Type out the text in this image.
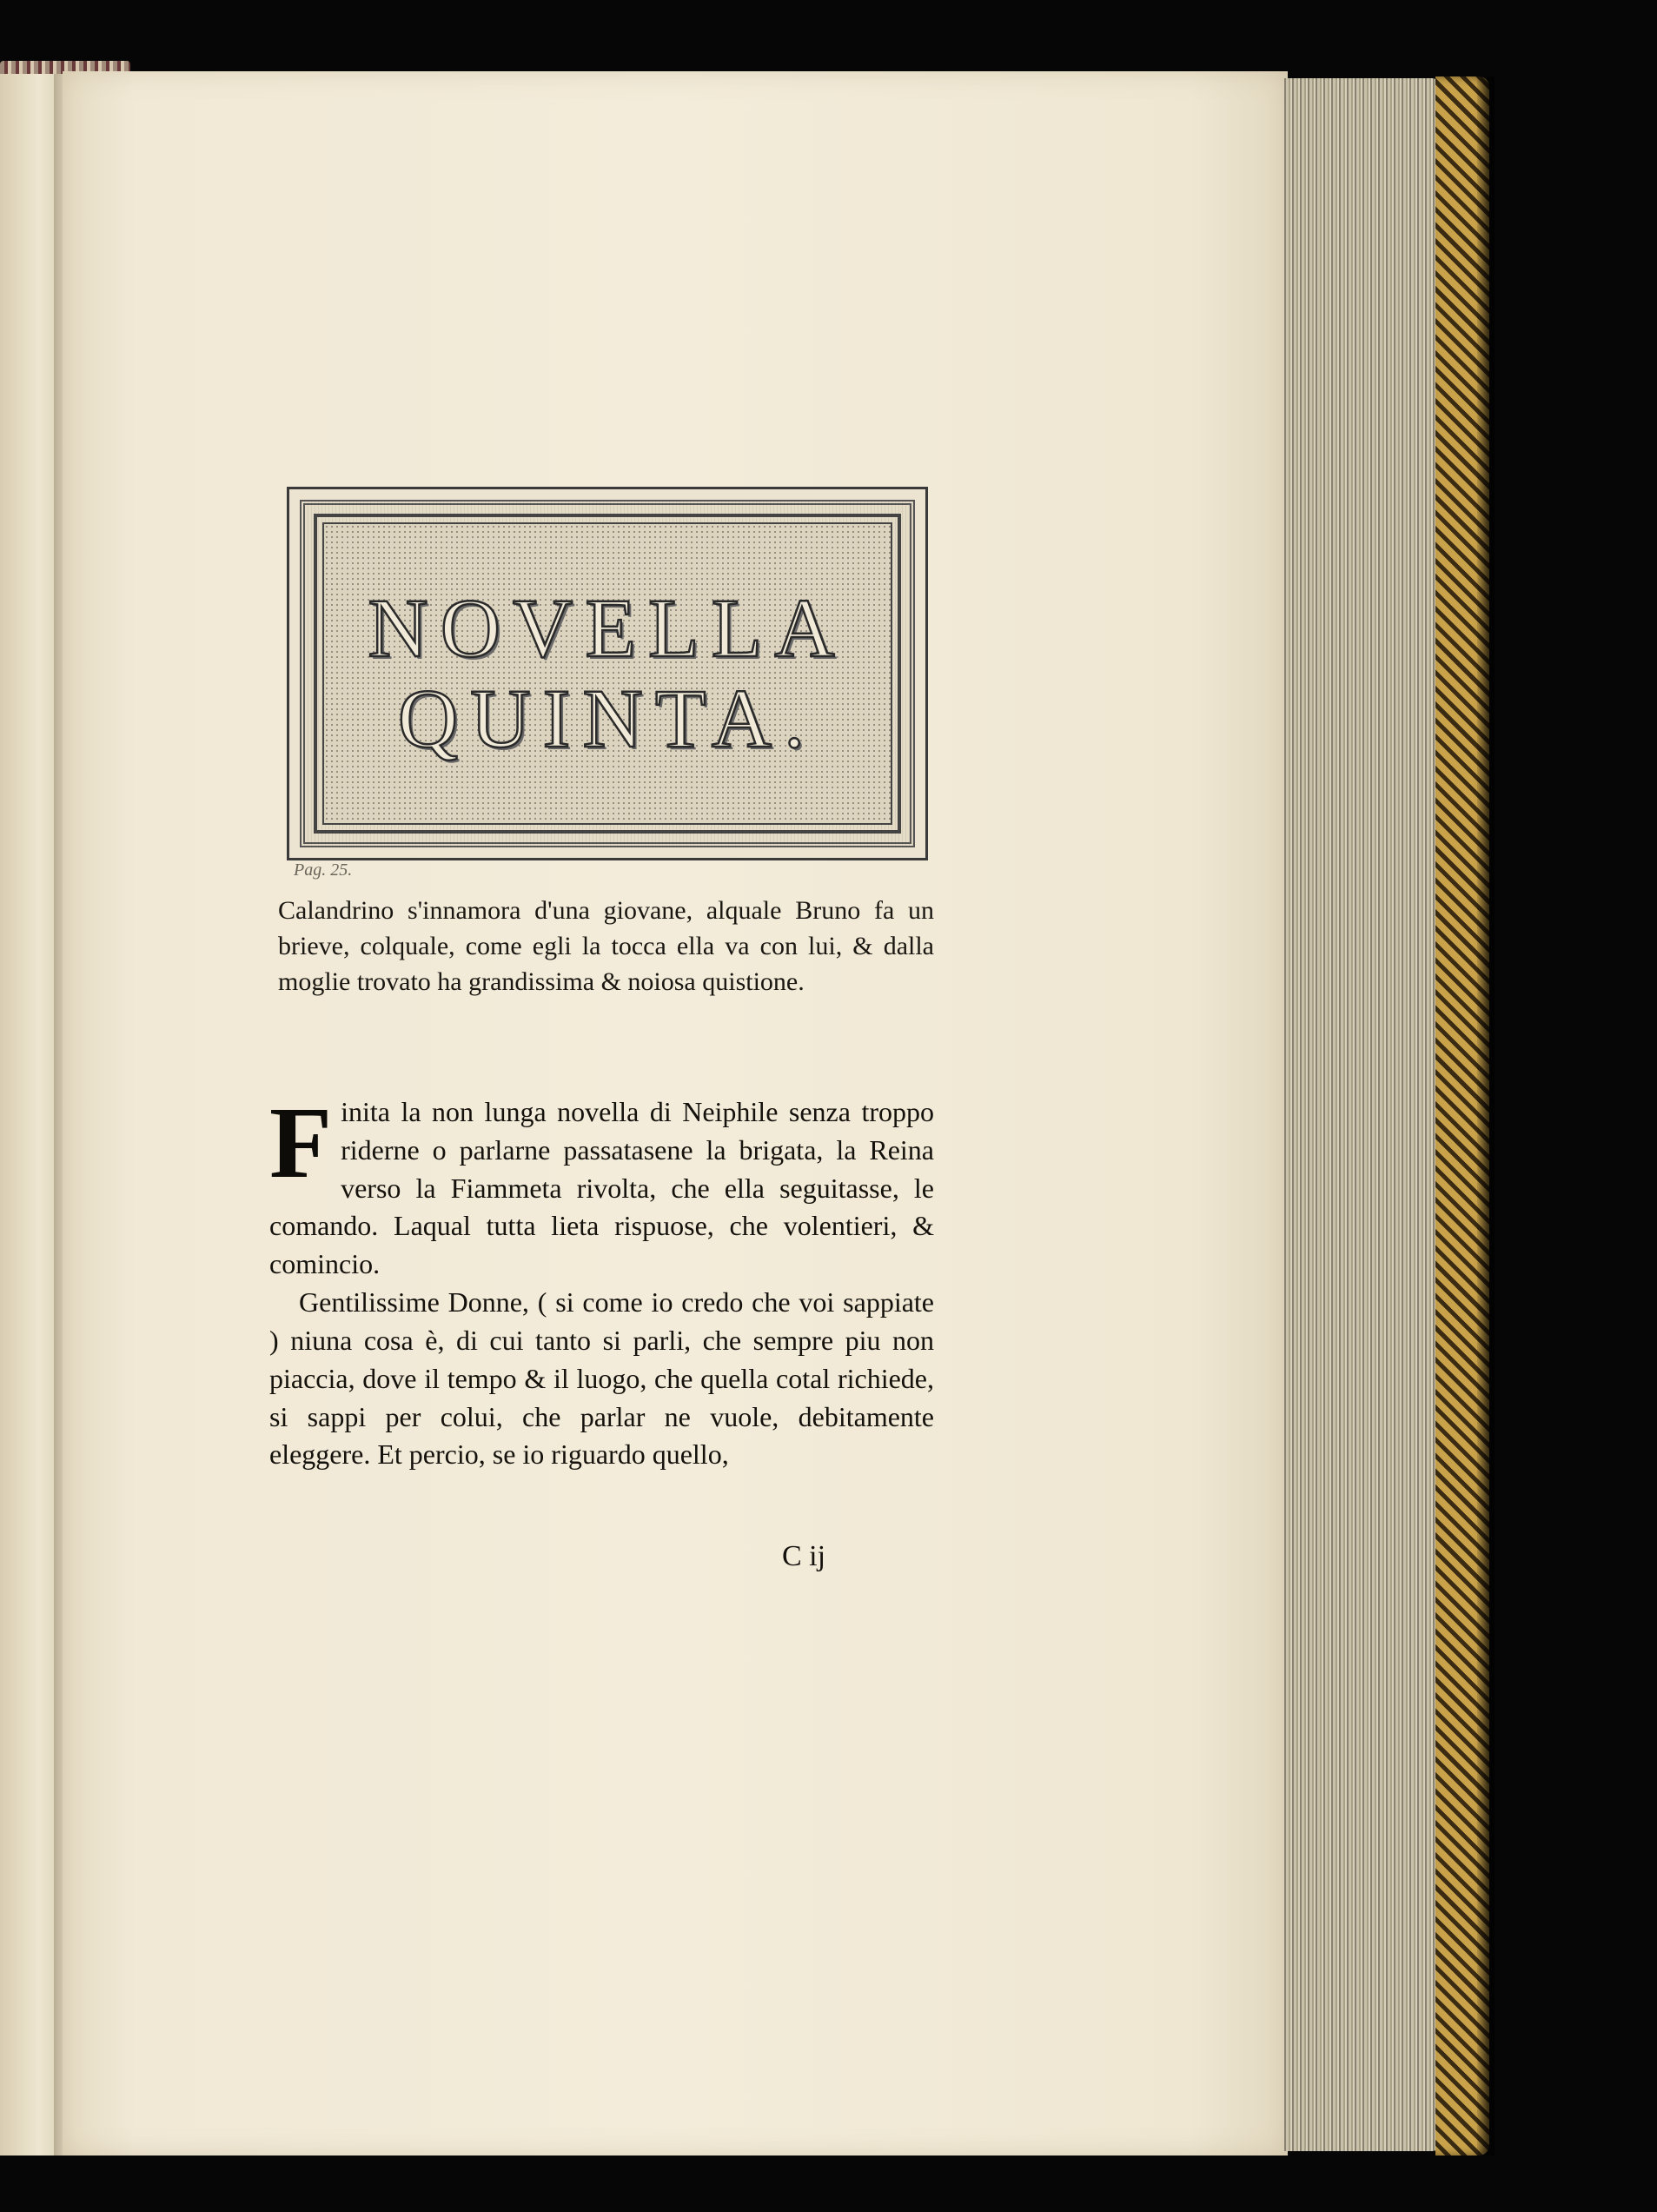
NOVELLA

QUINTA.

Pag. 25.

Calandrino s'innamora d'una giovane, alquale Bruno fa un brieve, colquale, come egli la tocca ella va con lui, & dalla moglie trovato ha grandissima & noiosa quistione.

Finita la non lunga novella di Neiphile senza troppo riderne o parlarne passatasene la brigata, la Reina verso la Fiammeta rivolta, che ella seguitasse, le comando. Laqual tutta lieta rispuose, che volentieri, & comincio.

Gentilissime Donne, ( si come io credo che voi sappiate ) niuna cosa è, di cui tanto si parli, che sempre piu non piaccia, dove il tempo & il luogo, che quella cotal richiede, si sappi per colui, che parlar ne vuole, debitamente eleggere. Et percio, se io riguardo quello,

C ij
